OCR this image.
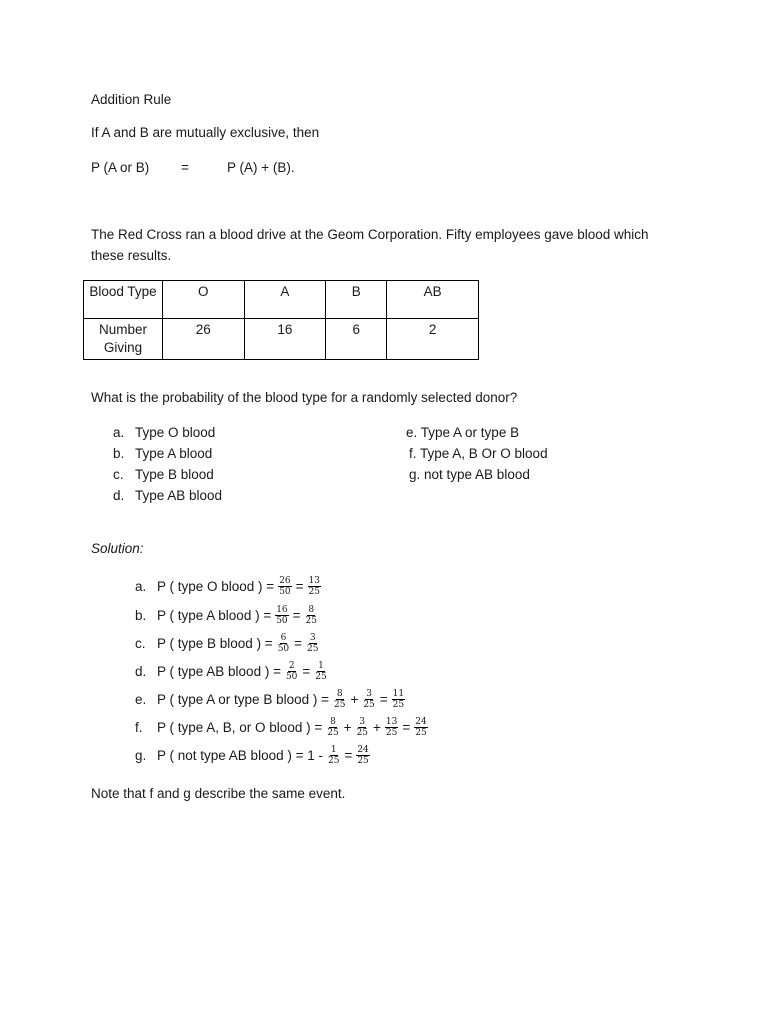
Addition Rule
If A and B are mutually exclusive, then
P (A or B) =	P (A) + (B).
The Red Cross ran a blood drive at the Geom Corporation. Fifty employees gave blood which
these results.
Blood Type	O	A	B	AB
Number Giving	26	16	6	2
What is the probability of the blood type for a randomly selected donor?
a. Type O blood
b. Type A blood
c. Type B blood
d. Type AB blood
e. Type A or type B
f. Type A, B Or O blood
g. not type AB blood
Solution:
a. P ( type O blood ) = $\frac{26}{50} = \frac{13}{25}$
b. P ( type A blood ) = $\frac{16}{50} = \frac{8}{25}$
c. P ( type B blood ) = $\frac{6}{50} = \frac{3}{25}$
d. P ( type AB blood ) = $\frac{2}{50} = \frac{1}{25}$
e. P ( type A or type B blood ) = $\frac{8}{25} + \frac{3}{25} = \frac{11}{25}$
f.	P ( type A, B, or O blood ) = $\frac{8}{25} + \frac{3}{25} + \frac{13}{25} = \frac{24}{25}$
g. P ( not type AB blood ) = $1 - \frac{1}{25} = \frac{24}{25}$
Note that f and g describe the same event.
